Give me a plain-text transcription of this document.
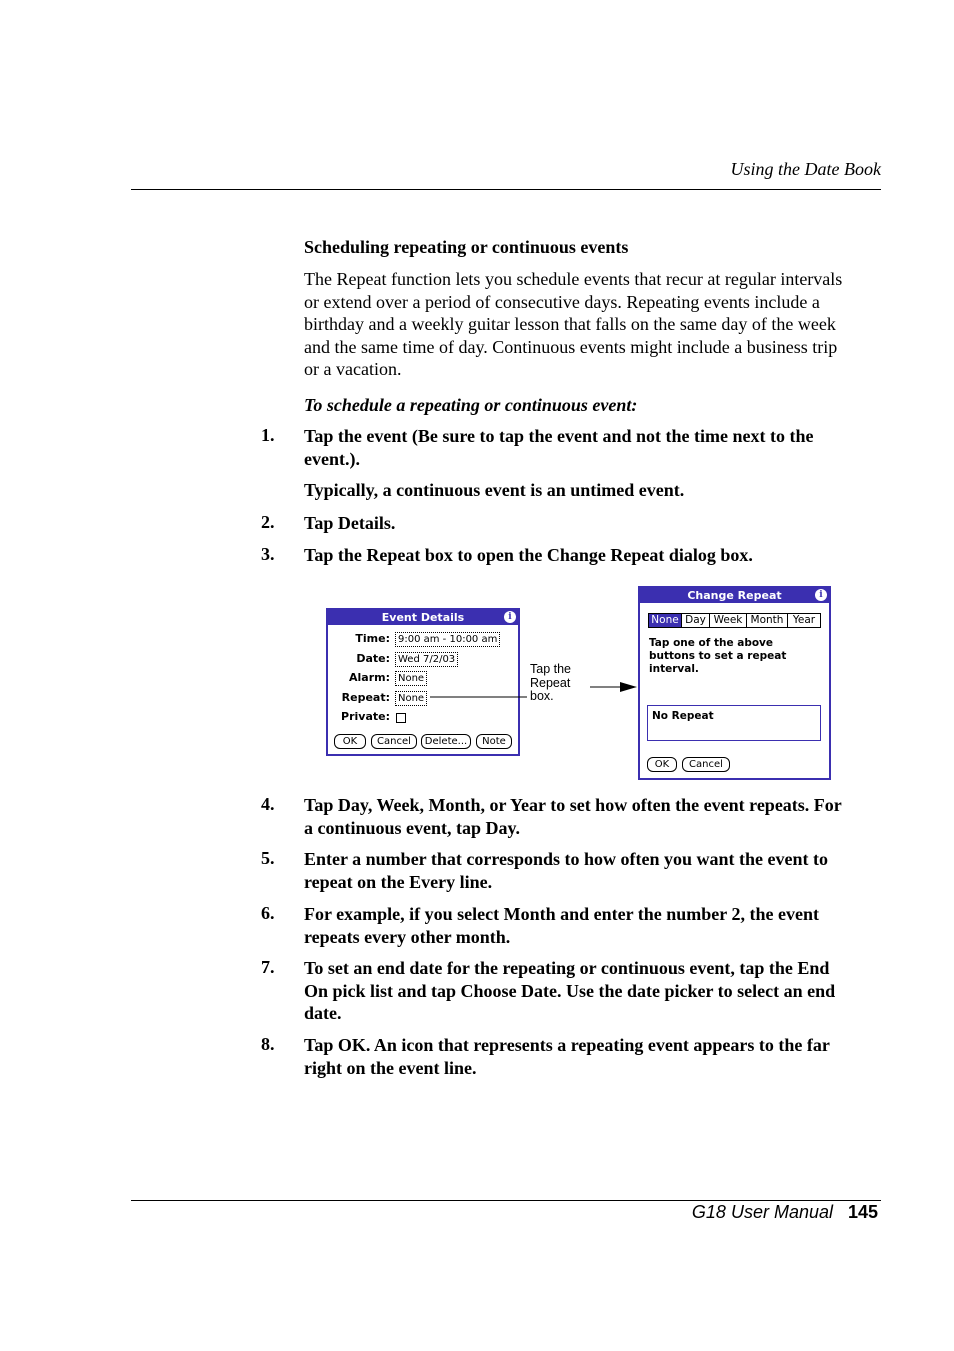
Using the Date Book
Scheduling repeating or continuous events
The Repeat function lets you schedule events that recur at regular intervals
or extend over a period of consecutive days. Repeating events include a
birthday and a weekly guitar lesson that falls on the same day of the week
and the same time of day. Continuous events might include a business trip
or a vacation.
To schedule a repeating or continuous event:
1. Tap the event (Be sure to tap the event and not the time next to the
event.).
Typically, a continuous event is an untimed event.
2. Tap Details.
3. Tap the Repeat box to open the Change Repeat dialog box.
Event Details	i
Time: 9:00 am - 10:00 am
Date: Wed 7/2/03
Alarm: None
Repeat: None
Private:
OK	Cancel	Delete...	Note
Tap the
Repeat
box.
Change Repeat	i
None Day Week Month Year
Tap one of the above
buttons to set a repeat
interval.
No Repeat
OK	Cancel
4. Tap Day, Week, Month, or Year to set how often the event repeats. For
a continuous event, tap Day.
5. Enter a number that corresponds to how often you want the event to
repeat on the Every line.
6. For example, if you select Month and enter the number 2, the event
repeats every other month.
7. To set an end date for the repeating or continuous event, tap the End
On pick list and tap Choose Date. Use the date picker to select an end
date.
8. Tap OK. An icon that represents a repeating event appears to the far
right on the event line.
G18 User Manual 145
